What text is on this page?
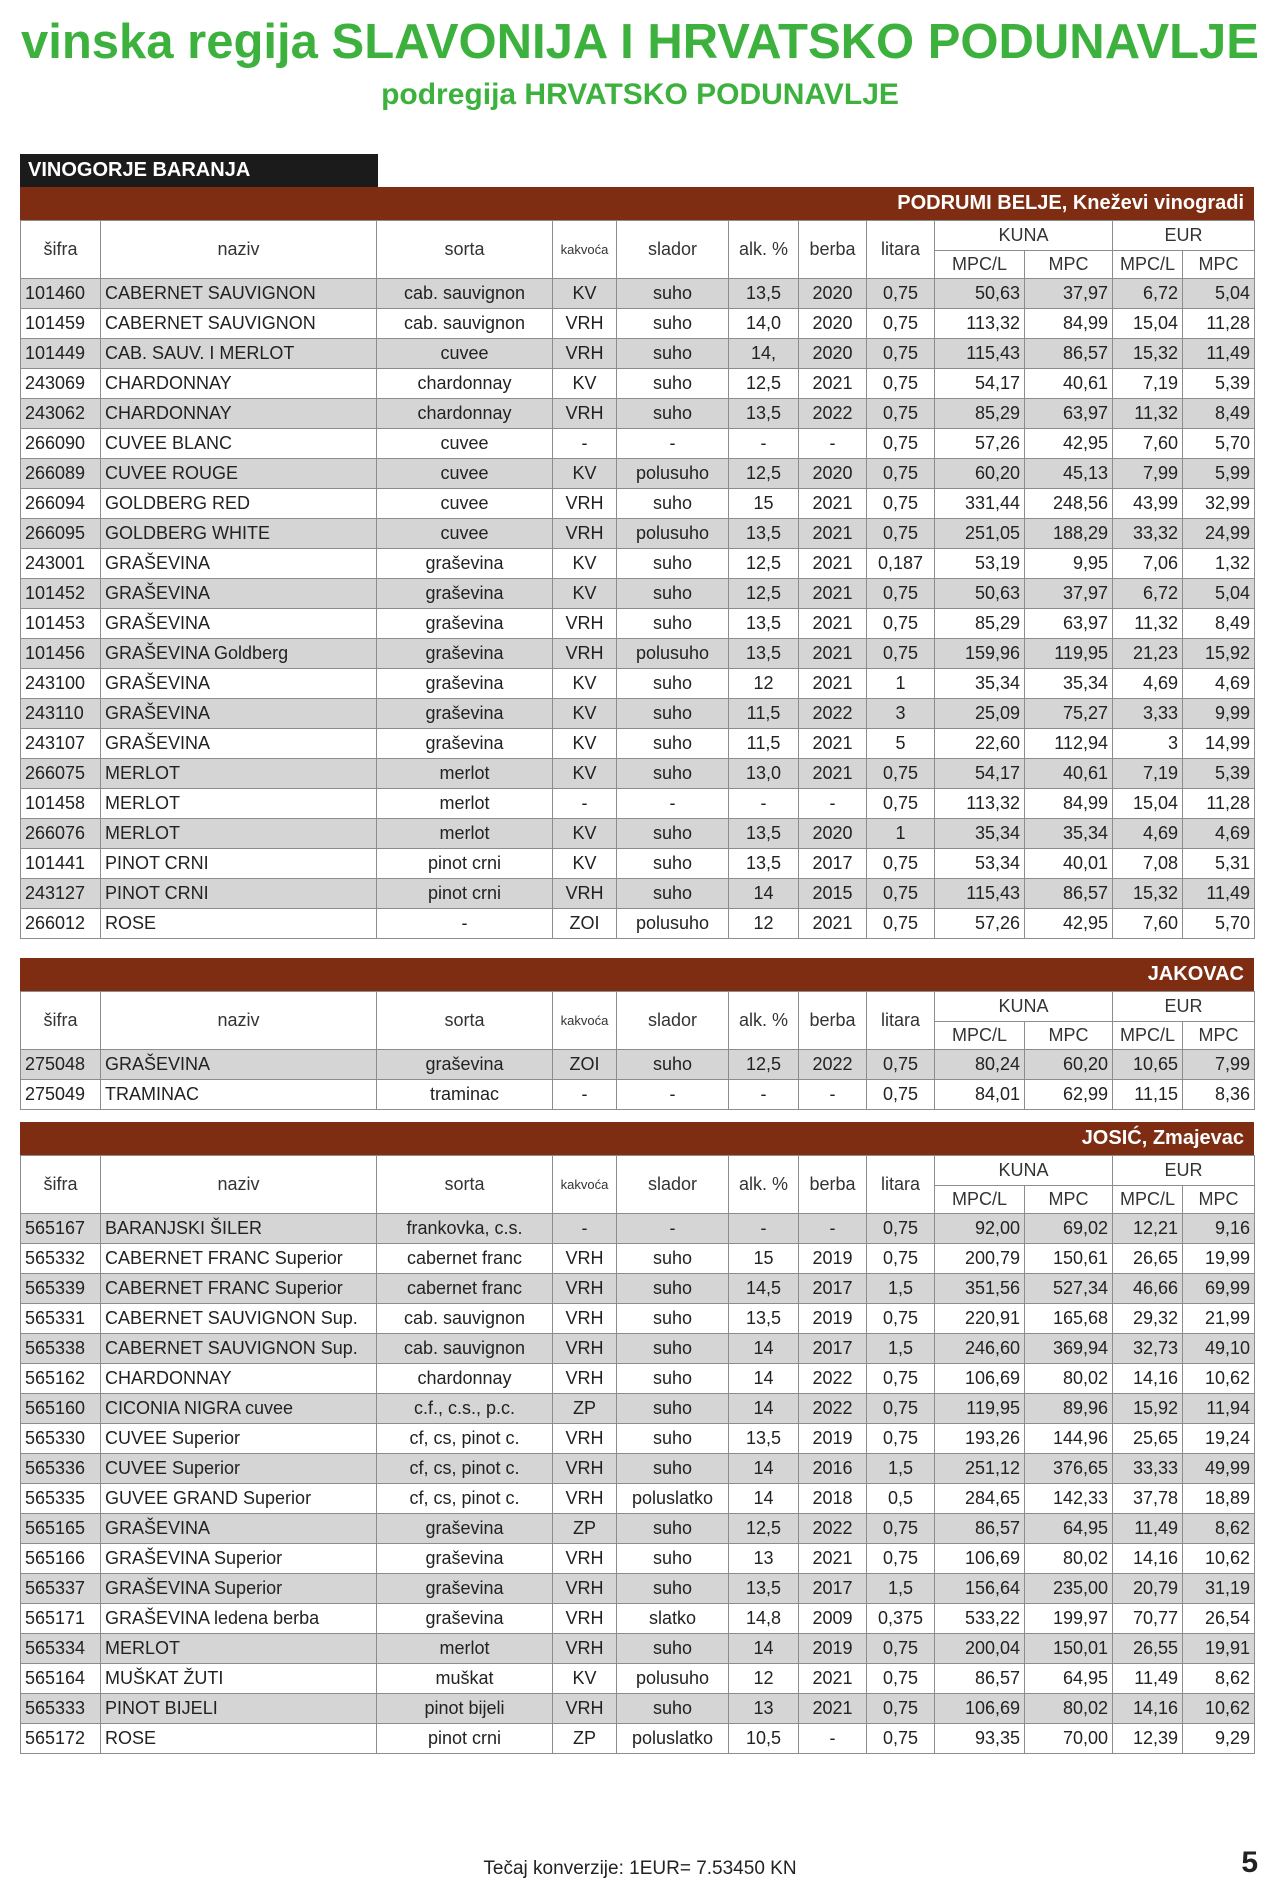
vinska regija SLAVONIJA I HRVATSKO PODUNAVLJE
podregija HRVATSKO PODUNAVLJE
VINOGORJE BARANJA
PODRUMI BELJE, Kneževi vinogradi
šifra	naziv	sorta	kakvoća	slador	alk. %	berba	litara	KUNA		EUR	
								MPC/L	MPC	MPC/L	MPC
101460	CABERNET SAUVIGNON	cab. sauvignon	KV	suho	13,5	2020	0,75	50,63	37,97	6,72	5,04
101459	CABERNET SAUVIGNON	cab. sauvignon	VRH	suho	14,0	2020	0,75	113,32	84,99	15,04	11,28
101449	CAB. SAUV. I MERLOT	cuvee	VRH	suho	14,	2020	0,75	115,43	86,57	15,32	11,49
243069	CHARDONNAY	chardonnay	KV	suho	12,5	2021	0,75	54,17	40,61	7,19	5,39
243062	CHARDONNAY	chardonnay	VRH	suho	13,5	2022	0,75	85,29	63,97	11,32	8,49
266090	CUVEE BLANC	cuvee	-	-	-	-	0,75	57,26	42,95	7,60	5,70
266089	CUVEE ROUGE	cuvee	KV	polusuho	12,5	2020	0,75	60,20	45,13	7,99	5,99
266094	GOLDBERG RED	cuvee	VRH	suho	15	2021	0,75	331,44	248,56	43,99	32,99
266095	GOLDBERG WHITE	cuvee	VRH	polusuho	13,5	2021	0,75	251,05	188,29	33,32	24,99
243001	GRAŠEVINA	graševina	KV	suho	12,5	2021	0,187	53,19	9,95	7,06	1,32
101452	GRAŠEVINA	graševina	KV	suho	12,5	2021	0,75	50,63	37,97	6,72	5,04
101453	GRAŠEVINA	graševina	VRH	suho	13,5	2021	0,75	85,29	63,97	11,32	8,49
101456	GRAŠEVINA Goldberg	graševina	VRH	polusuho	13,5	2021	0,75	159,96	119,95	21,23	15,92
243100	GRAŠEVINA	graševina	KV	suho	12	2021	1	35,34	35,34	4,69	4,69
243110	GRAŠEVINA	graševina	KV	suho	11,5	2022	3	25,09	75,27	3,33	9,99
243107	GRAŠEVINA	graševina	KV	suho	11,5	2021	5	22,60	112,94	3	14,99
266075	MERLOT	merlot	KV	suho	13,0	2021	0,75	54,17	40,61	7,19	5,39
101458	MERLOT	merlot	-	-	-	-	0,75	113,32	84,99	15,04	11,28
266076	MERLOT	merlot	KV	suho	13,5	2020	1	35,34	35,34	4,69	4,69
101441	PINOT CRNI	pinot crni	KV	suho	13,5	2017	0,75	53,34	40,01	7,08	5,31
243127	PINOT CRNI	pinot crni	VRH	suho	14	2015	0,75	115,43	86,57	15,32	11,49
266012	ROSE	-	ZOI	polusuho	12	2021	0,75	57,26	42,95	7,60	5,70
JAKOVAC
šifra	naziv	sorta	kakvoća	slador	alk. %	berba	litara	KUNA		EUR	
								MPC/L	MPC	MPC/L	MPC
275048	GRAŠEVINA	graševina	ZOI	suho	12,5	2022	0,75	80,24	60,20	10,65	7,99
275049	TRAMINAC	traminac	-	-	-	-	0,75	84,01	62,99	11,15	8,36
JOSIĆ, Zmajevac
šifra	naziv	sorta	kakvoća	slador	alk. %	berba	litara	KUNA		EUR	
								MPC/L	MPC	MPC/L	MPC
565167	BARANJSKI ŠILER	frankovka, c.s.	-	-	-	-	0,75	92,00	69,02	12,21	9,16
565332	CABERNET FRANC Superior	cabernet franc	VRH	suho	15	2019	0,75	200,79	150,61	26,65	19,99
565339	CABERNET FRANC Superior	cabernet franc	VRH	suho	14,5	2017	1,5	351,56	527,34	46,66	69,99
565331	CABERNET SAUVIGNON Sup.	cab. sauvignon	VRH	suho	13,5	2019	0,75	220,91	165,68	29,32	21,99
565338	CABERNET SAUVIGNON Sup.	cab. sauvignon	VRH	suho	14	2017	1,5	246,60	369,94	32,73	49,10
565162	CHARDONNAY	chardonnay	VRH	suho	14	2022	0,75	106,69	80,02	14,16	10,62
565160	CICONIA NIGRA cuvee	c.f., c.s., p.c.	ZP	suho	14	2022	0,75	119,95	89,96	15,92	11,94
565330	CUVEE Superior	cf, cs, pinot c.	VRH	suho	13,5	2019	0,75	193,26	144,96	25,65	19,24
565336	CUVEE Superior	cf, cs, pinot c.	VRH	suho	14	2016	1,5	251,12	376,65	33,33	49,99
565335	GUVEE GRAND Superior	cf, cs, pinot c.	VRH	poluslatko	14	2018	0,5	284,65	142,33	37,78	18,89
565165	GRAŠEVINA	graševina	ZP	suho	12,5	2022	0,75	86,57	64,95	11,49	8,62
565166	GRAŠEVINA Superior	graševina	VRH	suho	13	2021	0,75	106,69	80,02	14,16	10,62
565337	GRAŠEVINA Superior	graševina	VRH	suho	13,5	2017	1,5	156,64	235,00	20,79	31,19
565171	GRAŠEVINA ledena berba	graševina	VRH	slatko	14,8	2009	0,375	533,22	199,97	70,77	26,54
565334	MERLOT	merlot	VRH	suho	14	2019	0,75	200,04	150,01	26,55	19,91
565164	MUŠKAT ŽUTI	muškat	KV	polusuho	12	2021	0,75	86,57	64,95	11,49	8,62
565333	PINOT BIJELI	pinot bijeli	VRH	suho	13	2021	0,75	106,69	80,02	14,16	10,62
565172	ROSE	pinot crni	ZP	poluslatko	10,5	-	0,75	93,35	70,00	12,39	9,29
Tečaj konverzije: 1EUR= 7.53450 KN	5
